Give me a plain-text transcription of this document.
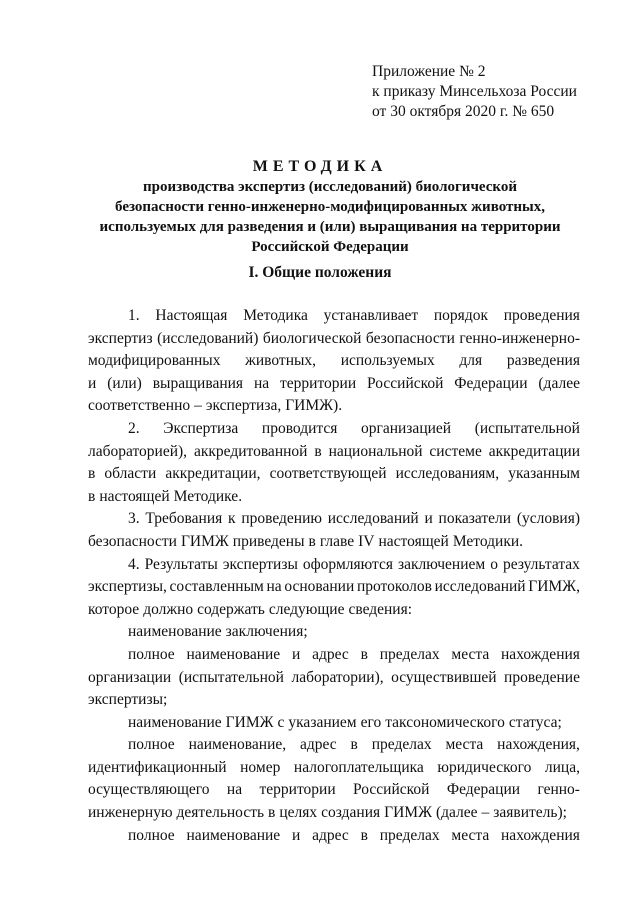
Приложение № 2
к приказу Минсельхоза России
от 30 октября 2020 г. № 650
МЕТОДИКА
производства экспертиз (исследований) биологической
безопасности генно-инженерно-модифицированных животных,
используемых для разведения и (или) выращивания на территории
Российской Федерации
I. Общие положения
1. Настоящая Методика устанавливает порядок проведения
экспертиз (исследований) биологической безопасности генно-инженерно-
модифицированных животных, используемых для разведения
и (или) выращивания на территории Российской Федерации (далее
соответственно – экспертиза, ГИМЖ).
2. Экспертиза проводится организацией (испытательной
лабораторией), аккредитованной в национальной системе аккредитации
в области аккредитации, соответствующей исследованиям, указанным
в настоящей Методике.
3. Требования к проведению исследований и показатели (условия)
безопасности ГИМЖ приведены в главе IV настоящей Методики.
4. Результаты экспертизы оформляются заключением о результатах
экспертизы, составленным на основании протоколов исследований ГИМЖ,
которое должно содержать следующие сведения:
наименование заключения;
полное наименование и адрес в пределах места нахождения
организации (испытательной лаборатории), осуществившей проведение
экспертизы;
наименование ГИМЖ с указанием его таксономического статуса;
полное наименование, адрес в пределах места нахождения,
идентификационный номер налогоплательщика юридического лица,
осуществляющего на территории Российской Федерации генно-
инженерную деятельность в целях создания ГИМЖ (далее – заявитель);
полное наименование и адрес в пределах места нахождения
